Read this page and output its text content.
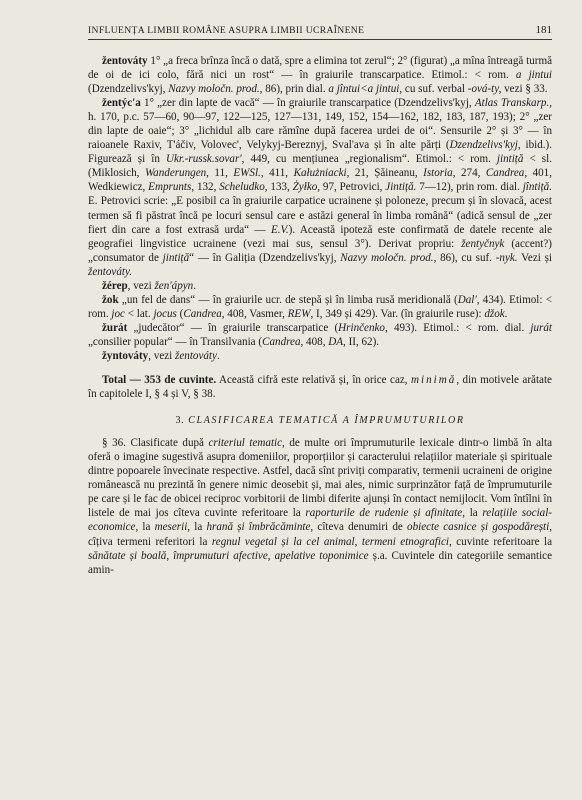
INFLUENȚA LIMBII ROMÂNE ASUPRA LIMBII UCRAÎNENE	181

žentováty 1° „a freca brînza încă o dată, spre a elimina tot zerul“; 2° (figurat) „a mîna întreagă turmă de oi de ici colo, fără nici un rost“ — în graiurile transcarpatice. Etimol.: < rom. a jintui (Dzendzelivs'kyj, Nazvy moločn. prod., 86), prin dial. a jîntui<a jintui, cu suf. verbal -ová-ty, vezi § 33.

žentýc'a 1° „zer din lapte de vacă“ — în graiurile transcarpatice (Dzendzelivs'kyj, Atlas Transkarp., h. 170, p.c. 57—60, 90—97, 122—125, 127—131, 149, 152, 154—162, 182, 183, 187, 193); 2° „zer din lapte de oaie“; 3° „lichidul alb care rămîne după facerea urdei de oi“. Sensurile 2° și 3° — în raioanele Raxiv, T'áčiv, Volovec', Velykyj-Bereznyj, Sval'ava și în alte părți (Dzendzelivs'kyj, ibid.). Figurează și în Ukr.-russk.sovar', 449, cu mențiunea „regionalism“. Etimol.: < rom. jintiță < sl. (Miklosich, Wanderungen, 11, EWSl., 411, Kałużniacki, 21, Șăineanu, Istoria, 274, Candrea, 401, Wedkiewicz, Emprunts, 132, Scheludko, 133, Żyłko, 97, Petrovici, Jintiță. 7—12), prin rom. dial. jîntiță. E. Petrovici scrie: „E posibil ca în graiurile carpatice ucrainene și poloneze, precum și în slovacă, acest termen să fi păstrat încă pe locuri sensul care e astăzi general în limba română“ (adică sensul de „zer fiert din care a fost extrasă urda“ — E.V.). Această ipoteză este confirmată de datele recente ale geografiei lingvistice ucrainene (vezi mai sus, sensul 3°). Derivat propriu: žentyčnyk (accent?) „consumator de jintiță“ — în Galiția (Dzendzelivs'kyj, Nazvy moločn. prod., 86), cu suf. -nyk. Vezi și žentováty.

žérep, vezi žen'ápyn.

žok „un fel de dans“ — în graiurile ucr. de stepă și în limba rusă meridională (Dal', 434). Etimol: < rom. joc < lat. jocus (Candrea, 408, Vasmer, REW, I, 349 și 429). Var. (în graiurile ruse): džok.

žurát „judecător“ — în graiurile transcarpatice (Hrinčenko, 493). Etimol.: < rom. dial. jurát „consilier popular“ — în Transilvania (Candrea, 408, DA, II, 62).

žyntováty, vezi žentováty.

Total — 353 de cuvinte. Această cifră este relativă și, în orice caz, minimă, din motivele arătate în capitolele I, § 4 și V, § 38.

3. CLASIFICAREA TEMATICĂ A ÎMPRUMUTURILOR

§ 36. Clasificate după criteriul tematic, de multe ori împrumuturile lexicale dintr-o limbă în alta oferă o imagine sugestivă asupra domeniilor, proporțiilor și caracterului relațiilor materiale și spirituale dintre popoarele învecinate respective. Astfel, dacă sînt priviți comparativ, termenii ucraineni de origine românească nu prezintă în genere nimic deosebit și, mai ales, nimic surprinzător față de împrumuturile pe care și le fac de obicei reciproc vorbitorii de limbi diferite ajunși în contact nemijlocit. Vom întîlni în listele de mai jos cîteva cuvinte referitoare la raporturile de rudenie și afinitate, la relațiile social-economice, la meserii, la hrană și îmbrăcăminte, cîteva denumiri de obiecte casnice și gospodărești, cîțiva termeni referitori la regnul vegetal și la cel animal, termeni etnografici, cuvinte referitoare la sănătate și boală, împrumuturi afective, apelative toponimice ș.a. Cuvintele din categoriile semantice amin-
